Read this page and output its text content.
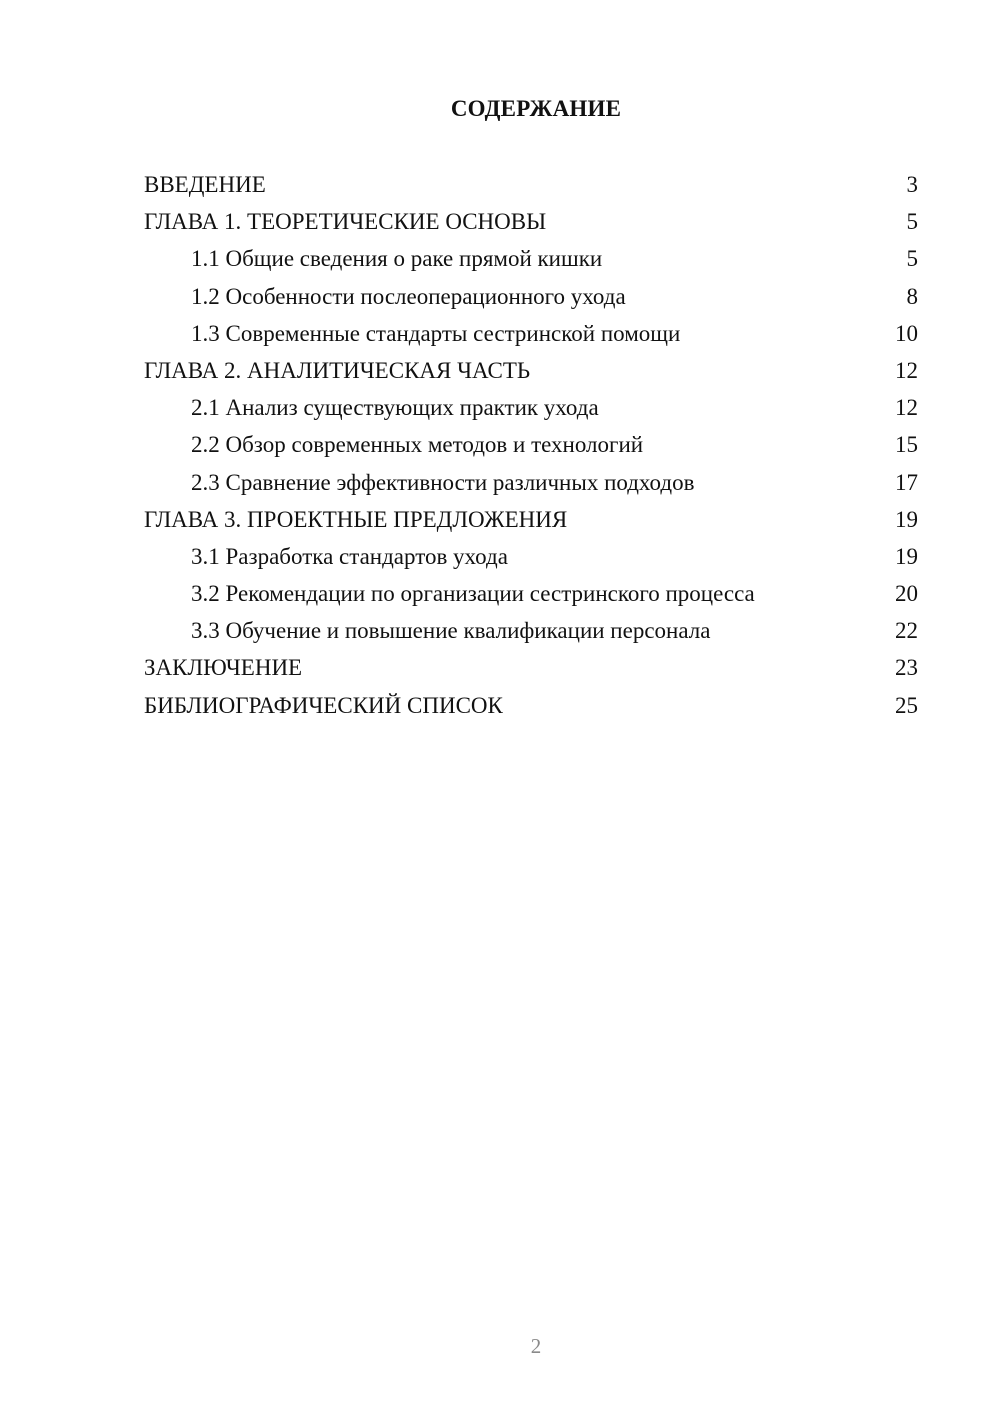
СОДЕРЖАНИЕ
ВВЕДЕНИЕ	3
ГЛАВА 1. ТЕОРЕТИЧЕСКИЕ ОСНОВЫ	5
1.1 Общие сведения о раке прямой кишки	5
1.2 Особенности послеоперационного ухода	8
1.3 Современные стандарты сестринской помощи	10
ГЛАВА 2. АНАЛИТИЧЕСКАЯ ЧАСТЬ	12
2.1 Анализ существующих практик ухода	12
2.2 Обзор современных методов и технологий	15
2.3 Сравнение эффективности различных подходов	17
ГЛАВА 3. ПРОЕКТНЫЕ ПРЕДЛОЖЕНИЯ	19
3.1 Разработка стандартов ухода	19
3.2 Рекомендации по организации сестринского процесса	20
3.3 Обучение и повышение квалификации персонала	22
ЗАКЛЮЧЕНИЕ	23
БИБЛИОГРАФИЧЕСКИЙ СПИСОК	25
2
